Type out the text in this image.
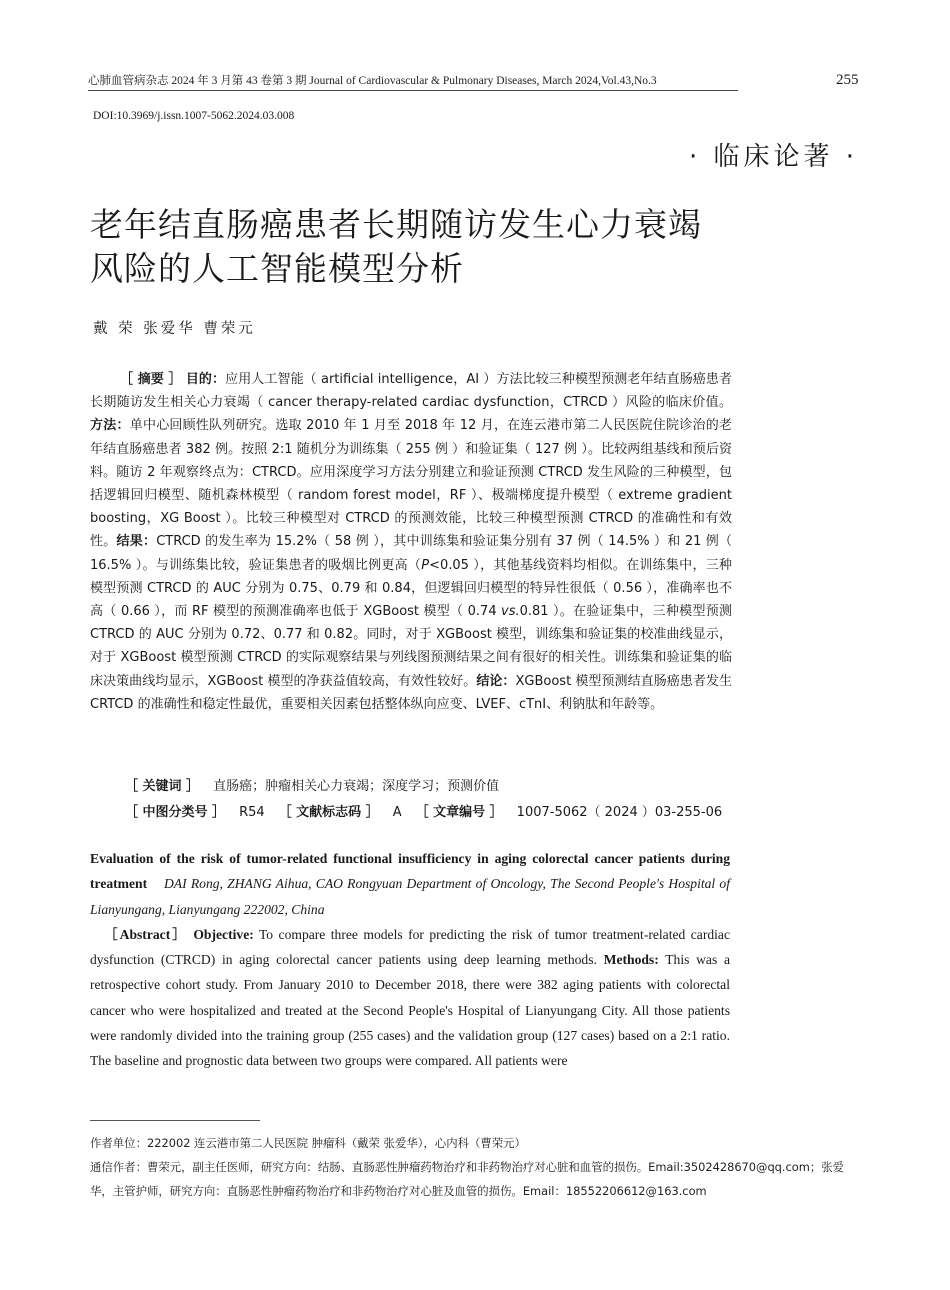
心肺血管病杂志 2024 年 3 月第 43 卷第 3 期 Journal of Cardiovascular & Pulmonary Diseases, March 2024,Vol.43,No.3	255
DOI:10.3969/j.issn.1007-5062.2024.03.008
· 临床论著 ·
老年结直肠癌患者长期随访发生心力衰竭
风险的人工智能模型分析
戴 荣 张爱华 曹荣元

［ 摘要 ］ 目的：应用人工智能（ artificial intelligence，AI ）方法比较三种模型预测老年结直肠癌患者长期随访发生相关心力衰竭（ cancer therapy-related cardiac dysfunction，CTRCD ）风险的临床价值。方法：单中心回顾性队列研究。选取 2010 年 1 月至 2018 年 12 月，在连云港市第二人民医院住院诊治的老年结直肠癌患者 382 例。按照 2:1 随机分为训练集（ 255 例 ）和验证集（ 127 例 ）。比较两组基线和预后资料。随访 2 年观察终点为：CTRCD。应用深度学习方法分别建立和验证预测 CTRCD 发生风险的三种模型，包括逻辑回归模型、随机森林模型（ random forest model，RF ）、极端梯度提升模型（ extreme gradient boosting，XG Boost ）。比较三种模型对 CTRCD 的预测效能，比较三种模型预测 CTRCD 的准确性和有效性。结果：CTRCD 的发生率为 15.2%（ 58 例 ），其中训练集和验证集分别有 37 例（ 14.5% ）和 21 例（ 16.5% ）。与训练集比较，验证集患者的吸烟比例更高（P<0.05 ），其他基线资料均相似。在训练集中，三种模型预测 CTRCD 的 AUC 分别为 0.75、0.79 和 0.84，但逻辑回归模型的特异性很低（ 0.56 ），准确率也不高（ 0.66 ），而 RF 模型的预测准确率也低于 XGBoost 模型（ 0.74 vs.0.81 ）。在验证集中，三种模型预测 CTRCD 的 AUC 分别为 0.72、0.77 和 0.82。同时，对于 XGBoost 模型，训练集和验证集的校准曲线显示，对于 XGBoost 模型预测 CTRCD 的实际观察结果与列线图预测结果之间有很好的相关性。训练集和验证集的临床决策曲线均显示，XGBoost 模型的净获益值较高，有效性较好。结论：XGBoost 模型预测结直肠癌患者发生 CRTCD 的准确性和稳定性最优，重要相关因素包括整体纵向应变、LVEF、cTnI、利钠肽和年龄等。

［ 关键词 ］ 直肠癌；肿瘤相关心力衰竭；深度学习；预测价值
［ 中图分类号 ］ R54 ［ 文献标志码 ］ A ［ 文章编号 ］ 1007-5062（ 2024 ）03-255-06

Evaluation of the risk of tumor-related functional insufficiency in aging colorectal cancer patients during treatment DAI Rong, ZHANG Aihua, CAO Rongyuan Department of Oncology, The Second People's Hospital of Lianyungang, Lianyungang 222002, China

［Abstract］ Objective: To compare three models for predicting the risk of tumor treatment-related cardiac dysfunction (CTRCD) in aging colorectal cancer patients using deep learning methods. Methods: This was a retrospective cohort study. From January 2010 to December 2018, there were 382 aging patients with colorectal cancer who were hospitalized and treated at the Second People's Hospital of Lianyungang City. All those patients were randomly divided into the training group (255 cases) and the validation group (127 cases) based on a 2:1 ratio. The baseline and prognostic data between two groups were compared. All patients were

作者单位：222002 连云港市第二人民医院 肿瘤科（戴荣 张爱华），心内科（曹荣元）

通信作者：曹荣元，副主任医师，研究方向：结肠、直肠恶性肿瘤药物治疗和非药物治疗对心脏和血管的损伤。Email:3502428670@qq.com；张爱华，主管护师，研究方向：直肠恶性肿瘤药物治疗和非药物治疗对心脏及血管的损伤。Email：18552206612@163.com
